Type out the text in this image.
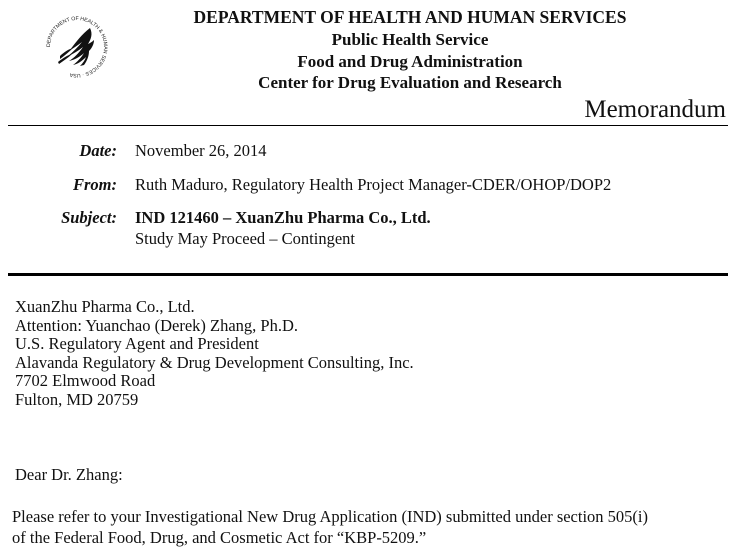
DEPARTMENT OF HEALTH & HUMAN SERVICES · USA
DEPARTMENT OF HEALTH AND HUMAN SERVICES
Public Health Service
Food and Drug Administration
Center for Drug Evaluation and Research
Memorandum
Date: November 26, 2014
From: Ruth Maduro, Regulatory Health Project Manager-CDER/OHOP/DOP2
Subject: IND 121460 – XuanZhu Pharma Co., Ltd.
Study May Proceed – Contingent
XuanZhu Pharma Co., Ltd.
Attention: Yuanchao (Derek) Zhang, Ph.D.
U.S. Regulatory Agent and President
Alavanda Regulatory & Drug Development Consulting, Inc.
7702 Elmwood Road
Fulton, MD 20759
Dear Dr. Zhang:
Please refer to your Investigational New Drug Application (IND) submitted under section 505(i)
of the Federal Food, Drug, and Cosmetic Act for “KBP-5209.”
